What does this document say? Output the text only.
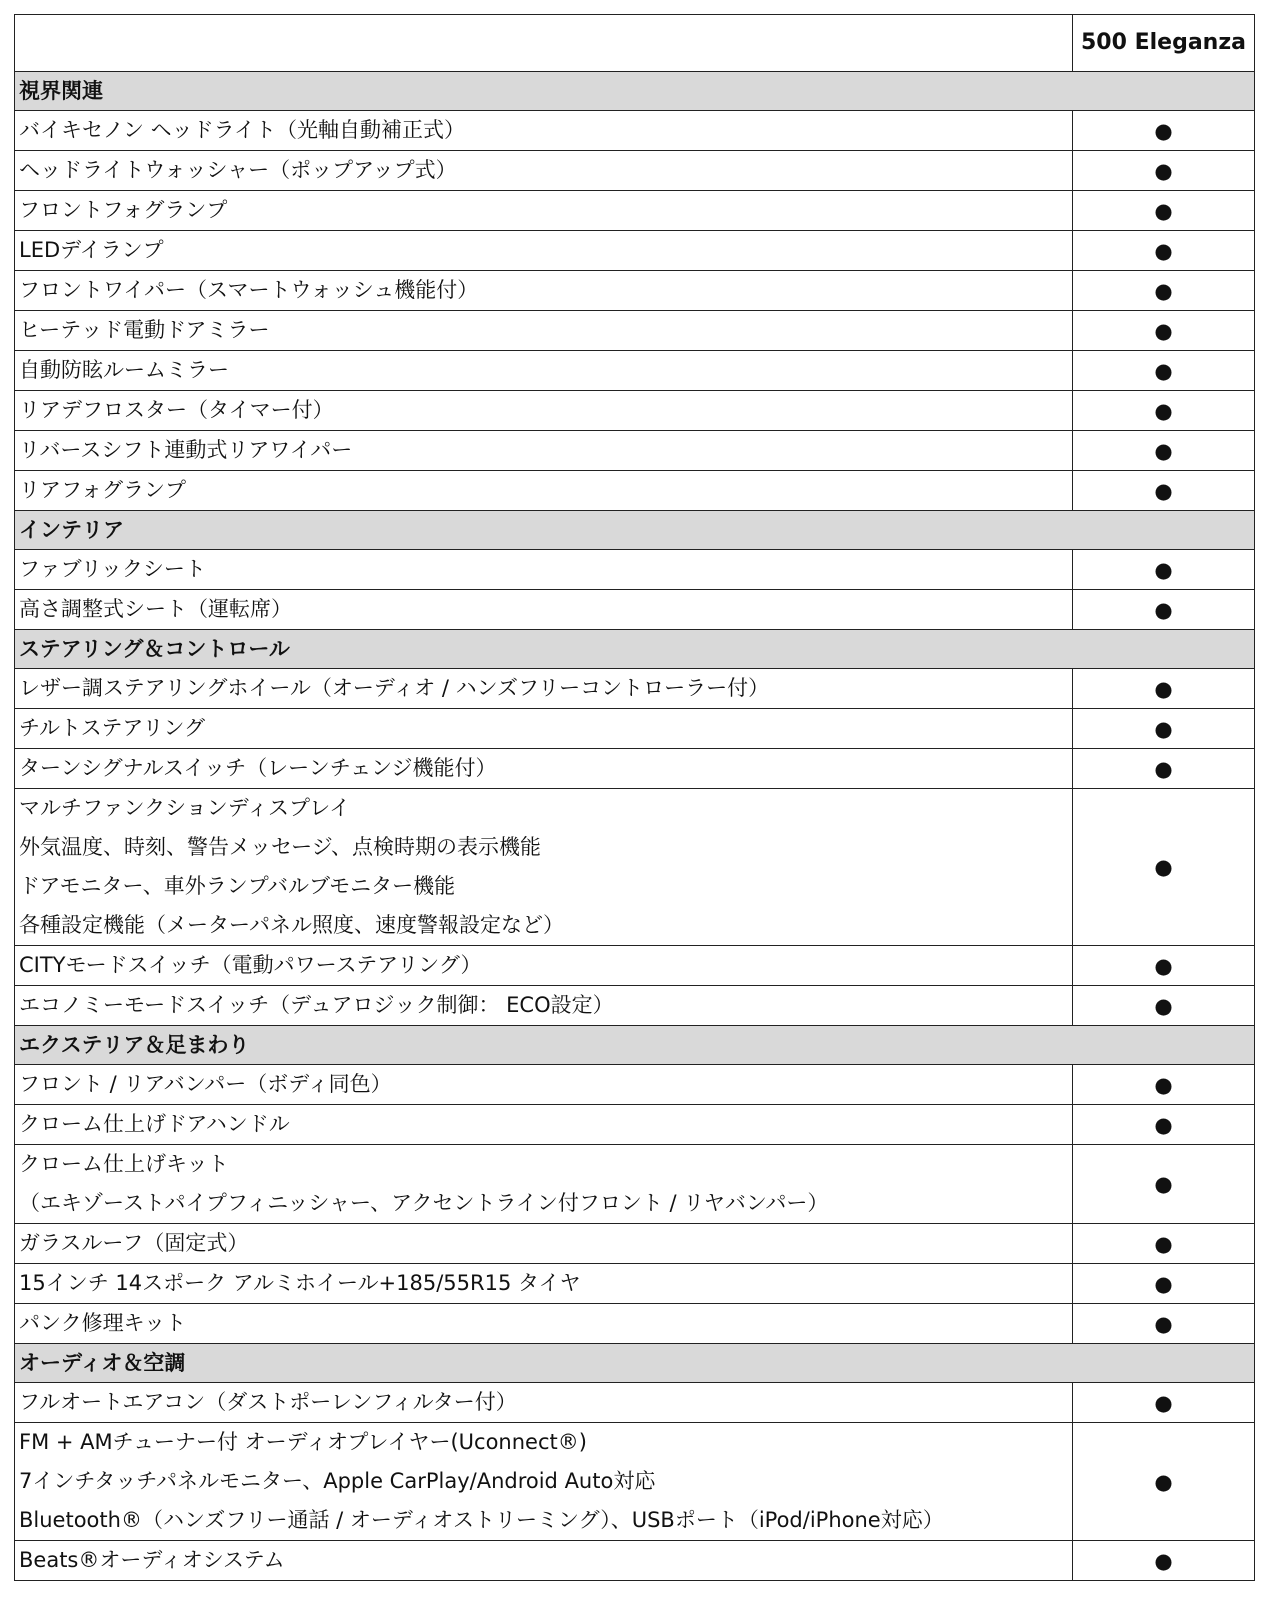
	500 Eleganza
視界関連	

バイキセノン ヘッドライト（光軸自動補正式）	●

ヘッドライトウォッシャー（ポップアップ式）	●

フロントフォグランプ	●

LEDデイランプ	●

フロントワイパー（スマートウォッシュ機能付）	●

ヒーテッド電動ドアミラー	●

自動防眩ルームミラー	●

リアデフロスター（タイマー付）	●

リバースシフト連動式リアワイパー	●

リアフォグランプ	●
インテリア	

ファブリックシート	●

高さ調整式シート（運転席）	●
ステアリング＆コントロール	

レザー調ステアリングホイール（オーディオ / ハンズフリーコントローラー付）	●

チルトステアリング	●

ターンシグナルスイッチ（レーンチェンジ機能付）	●

マルチファンクションディスプレイ
外気温度、時刻、警告メッセージ、点検時期の表示機能
ドアモニター、車外ランプバルブモニター機能
各種設定機能（メーターパネル照度、速度警報設定など）	●

CITYモードスイッチ（電動パワーステアリング）	●

エコノミーモードスイッチ（デュアロジック制御： ECO設定）	●
エクステリア＆足まわり	

フロント / リアバンパー（ボディ同色）	●

クローム仕上げドアハンドル	●

クローム仕上げキット
（エキゾーストパイプフィニッシャー、アクセントライン付フロント / リヤバンパー）	●

ガラスルーフ（固定式）	●

15インチ 14スポーク アルミホイール+185/55R15 タイヤ	●

パンク修理キット	●
オーディオ＆空調	

フルオートエアコン（ダストポーレンフィルター付）	●

FM + AMチューナー付 オーディオプレイヤー(Uconnect®)
7インチタッチパネルモニター、Apple CarPlay/Android Auto対応
Bluetooth®（ハンズフリー通話 / オーディオストリーミング）、USBポート（iPod/iPhone対応）	●

Beats®オーディオシステム	●
